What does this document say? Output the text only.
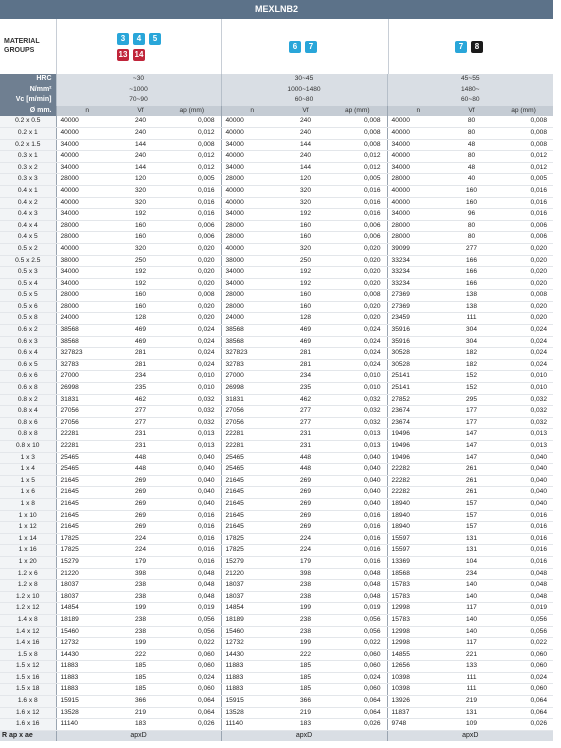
MEXLNB2
MATERIAL GROUPS
3	4	5
13 14
6	7	7	8
HRC	~30			30~45			45~55		
N/mm²	~1000			1000~1480			1480~		
Vc [m/min]	70~90			60~80			60~80		
Ø mm.	n	Vf	ap (mm)	n	Vf	ap (mm)	n	Vf	ap (mm)
0.2 x 0.5	40000	240	0,008	40000	240	0,008	40000	80	0,008
0.2 x 1	40000	240	0,012	40000	240	0,008	40000	80	0,008
0.2 x 1.5	34000	144	0,008	34000	144	0,008	34000	48	0,008
0.3 x 1	40000	240	0,012	40000	240	0,012	40000	80	0,012
0.3 x 2	34000	144	0,012	34000	144	0,012	34000	48	0,012
0.3 x 3	28000	120	0,005	28000	120	0,005	28000	40	0,005
0.4 x 1	40000	320	0,016	40000	320	0,016	40000	160	0,016
0.4 x 2	40000	320	0,016	40000	320	0,016	40000	160	0,016
0.4 x 3	34000	192	0,016	34000	192	0,016	34000	96	0,016
0.4 x 4	28000	160	0,006	28000	160	0,006	28000	80	0,006
0.4 x 5	28000	160	0,006	28000	160	0,006	28000	80	0,006
0.5 x 2	40000	320	0,020	40000	320	0,020	39099	277	0,020
0.5 x 2.5	38000	250	0,020	38000	250	0,020	33234	166	0,020
0.5 x 3	34000	192	0,020	34000	192	0,020	33234	166	0,020
0.5 x 4	34000	192	0,020	34000	192	0,020	33234	166	0,020
0.5 x 5	28000	160	0,008	28000	160	0,008	27369	138	0,008
0.5 x 6	28000	160	0,020	28000	160	0,020	27369	138	0,020
0.5 x 8	24000	128	0,020	24000	128	0,020	23459	111	0,020
0.6 x 2	38568	469	0,024	38568	469	0,024	35916	304	0,024
0.6 x 3	38568	469	0,024	38568	469	0,024	35916	304	0,024
0.6 x 4	327823	281	0,024	327823	281	0,024	30528	182	0,024
0.6 x 5	32783	281	0,024	32783	281	0,024	30528	182	0,024
0.6 x 6	27000	234	0,010	27000	234	0,010	25141	152	0,010
0.6 x 8	26998	235	0,010	26998	235	0,010	25141	152	0,010
0.8 x 2	31831	462	0,032	31831	462	0,032	27852	295	0,032
0.8 x 4	27056	277	0,032	27056	277	0,032	23674	177	0,032
0.8 x 6	27056	277	0,032	27056	277	0,032	23674	177	0,032
0.8 x 8	22281	231	0,013	22281	231	0,013	19496	147	0,013
0.8 x 10	22281	231	0,013	22281	231	0,013	19496	147	0,013
1 x 3	25465	448	0,040	25465	448	0,040	19496	147	0,040
1 x 4	25465	448	0,040	25465	448	0,040	22282	261	0,040
1 x 5	21645	269	0,040	21645	269	0,040	22282	261	0,040
1 x 6	21645	269	0,040	21645	269	0,040	22282	261	0,040
1 x 8	21645	269	0,040	21645	269	0,040	18940	157	0,040
1 x 10	21645	269	0,016	21645	269	0,016	18940	157	0,016
1 x 12	21645	269	0,016	21645	269	0,016	18940	157	0,016
1 x 14	17825	224	0,016	17825	224	0,016	15597	131	0,016
1 x 16	17825	224	0,016	17825	224	0,016	15597	131	0,016
1 x 20	15279	179	0,016	15279	179	0,016	13369	104	0,016
1.2 x 6	21220	398	0,048	21220	398	0,048	18568	234	0,048
1.2 x 8	18037	238	0,048	18037	238	0,048	15783	140	0,048
1.2 x 10	18037	238	0,048	18037	238	0,048	15783	140	0,048
1.2 x 12	14854	199	0,019	14854	199	0,019	12998	117	0,019
1.4 x 8	18189	238	0,056	18189	238	0,056	15783	140	0,056
1.4 x 12	15460	238	0,056	15460	238	0,056	12998	140	0,056
1.4 x 16	12732	199	0,022	12732	199	0,022	12998	117	0,022
1.5 x 8	14430	222	0,060	14430	222	0,060	14855	221	0,060
1.5 x 12	11883	185	0,060	11883	185	0,060	12656	133	0,060
1.5 x 16	11883	185	0,024	11883	185	0,024	10398	111	0,024
1.5 x 18	11883	185	0,060	11883	185	0,060	10398	111	0,060
1.6 x 8	15915	366	0,064	15915	366	0,064	13926	219	0,064
1.6 x 12	13528	219	0,064	13528	219	0,064	11837	131	0,064
1.6 x 16	11140	183	0,026	11140	183	0,026	9748	109	0,026
R ap x ae	apxD			apxD			apxD		
